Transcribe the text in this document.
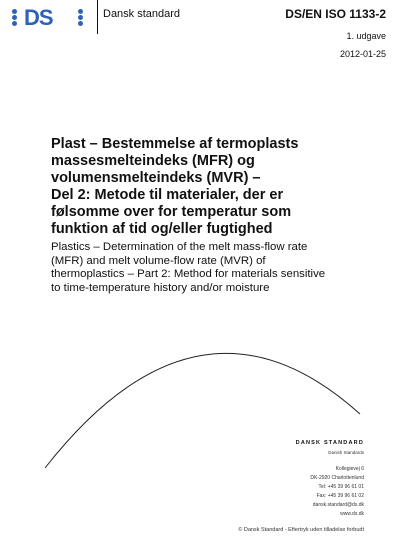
DS	Dansk standard	DS/EN ISO 1133-2
1. udgave
2012-01-25
Plast – Bestemmelse af termoplasts
massesmelteindeks (MFR) og
volumensmelteindeks (MVR) –
Del 2: Metode til materialer, der er
følsomme over for temperatur som
funktion af tid og/eller fugtighed

Plastics – Determination of the melt mass-flow rate
(MFR) and melt volume-flow rate (MVR) of
thermoplastics – Part 2: Method for materials sensitive
to time-temperature history and/or moisture

DANSK STANDARD
Danish Standards
Kollegievej 6
DK-2920 Charlottenlund
Tel: +45 39 96 61 01
Fax: +45 39 96 61 02
dansk.standard@ds.dk
www.ds.dk
© Dansk Standard - Eftertryk uden tilladelse forbudt
